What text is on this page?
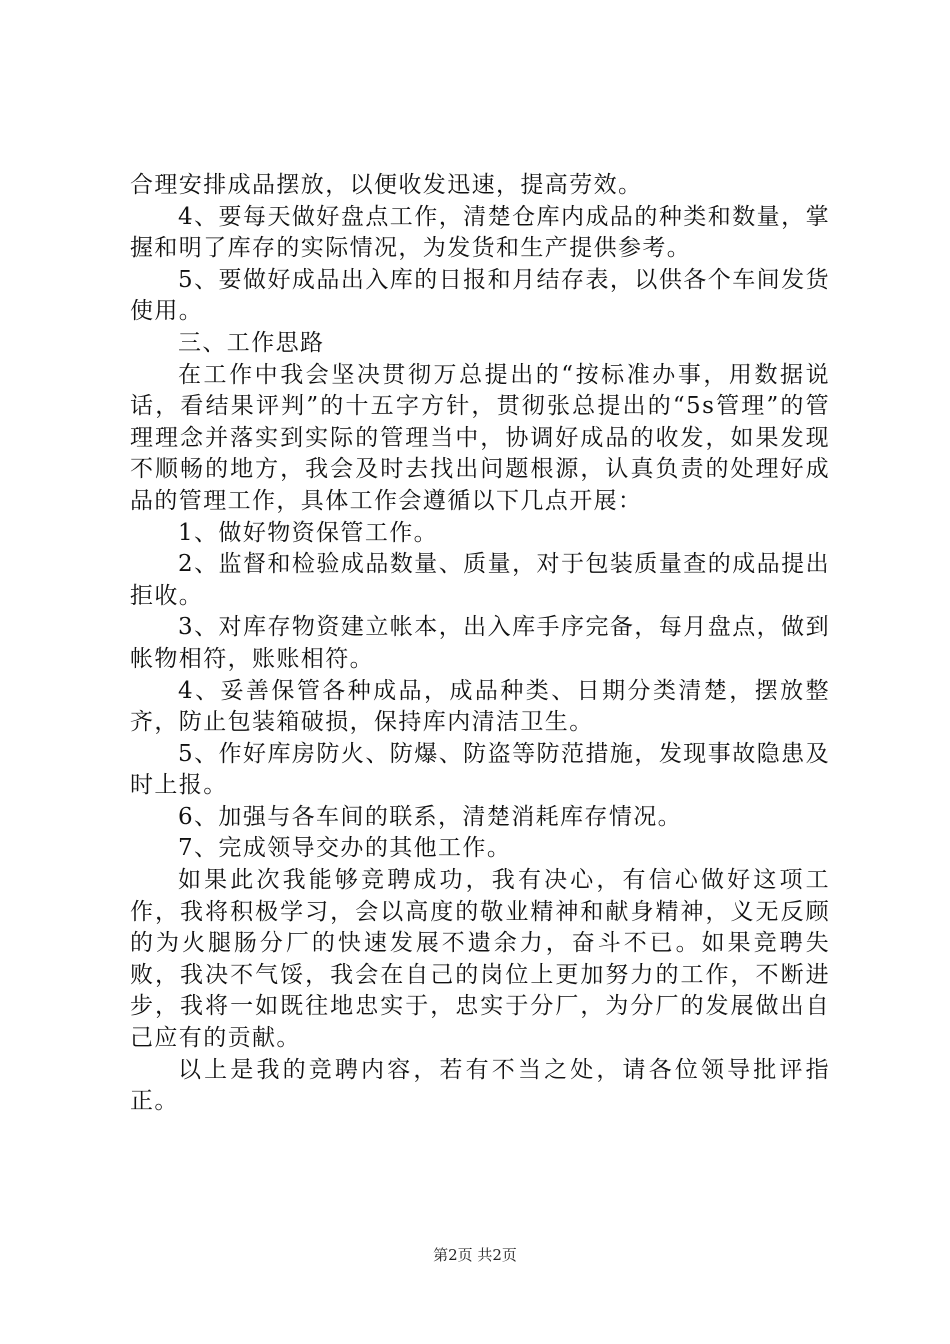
合理安排成品摆放，以便收发迅速，提高劳效。

4、要每天做好盘点工作，清楚仓库内成品的种类和数量，掌握和明了库存的实际情况，为发货和生产提供参考。

5、要做好成品出入库的日报和月结存表，以供各个车间发货使用。

三、工作思路

在工作中我会坚决贯彻万总提出的“按标准办事，用数据说话，看结果评判”的十五字方针，贯彻张总提出的“5s管理”的管理理念并落实到实际的管理当中，协调好成品的收发，如果发现不顺畅的地方，我会及时去找出问题根源，认真负责的处理好成品的管理工作，具体工作会遵循以下几点开展：

1、做好物资保管工作。

2、监督和检验成品数量、质量，对于包装质量查的成品提出拒收。

3、对库存物资建立帐本，出入库手序完备，每月盘点，做到帐物相符，账账相符。

4、妥善保管各种成品，成品种类、日期分类清楚，摆放整齐，防止包装箱破损，保持库内清洁卫生。

5、作好库房防火、防爆、防盗等防范措施，发现事故隐患及时上报。

6、加强与各车间的联系，清楚消耗库存情况。

7、完成领导交办的其他工作。

如果此次我能够竞聘成功，我有决心，有信心做好这项工作，我将积极学习，会以高度的敬业精神和献身精神，义无反顾的为火腿肠分厂的快速发展不遗余力，奋斗不已。如果竞聘失败，我决不气馁，我会在自己的岗位上更加努力的工作，不断进步，我将一如既往地忠实于，忠实于分厂，为分厂的发展做出自己应有的贡献。

以上是我的竞聘内容，若有不当之处，请各位领导批评指正。

第2页 共2页
